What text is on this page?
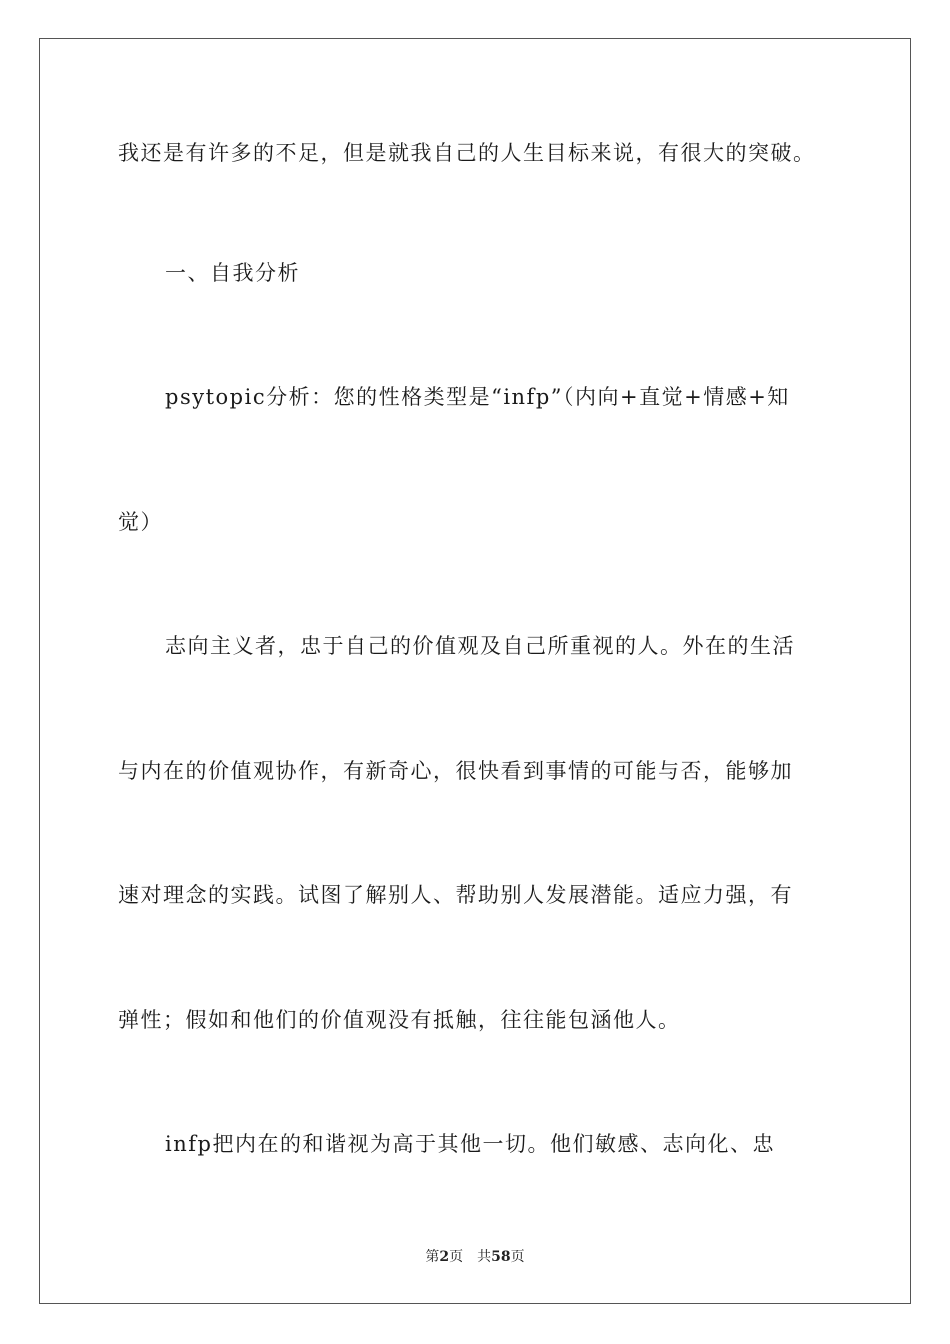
我还是有许多的不足，但是就我自己的人生目标来说，有很大的突破。
一、自我分析
psytopic分析：您的性格类型是“infp”（内向+直觉+情感+知
觉）
志向主义者，忠于自己的价值观及自己所重视的人。外在的生活
与内在的价值观协作，有新奇心，很快看到事情的可能与否，能够加
速对理念的实践。试图了解别人、帮助别人发展潜能。适应力强，有
弹性；假如和他们的价值观没有抵触，往往能包涵他人。
infp把内在的和谐视为高于其他一切。他们敏感、志向化、忠
第2页 共58页
